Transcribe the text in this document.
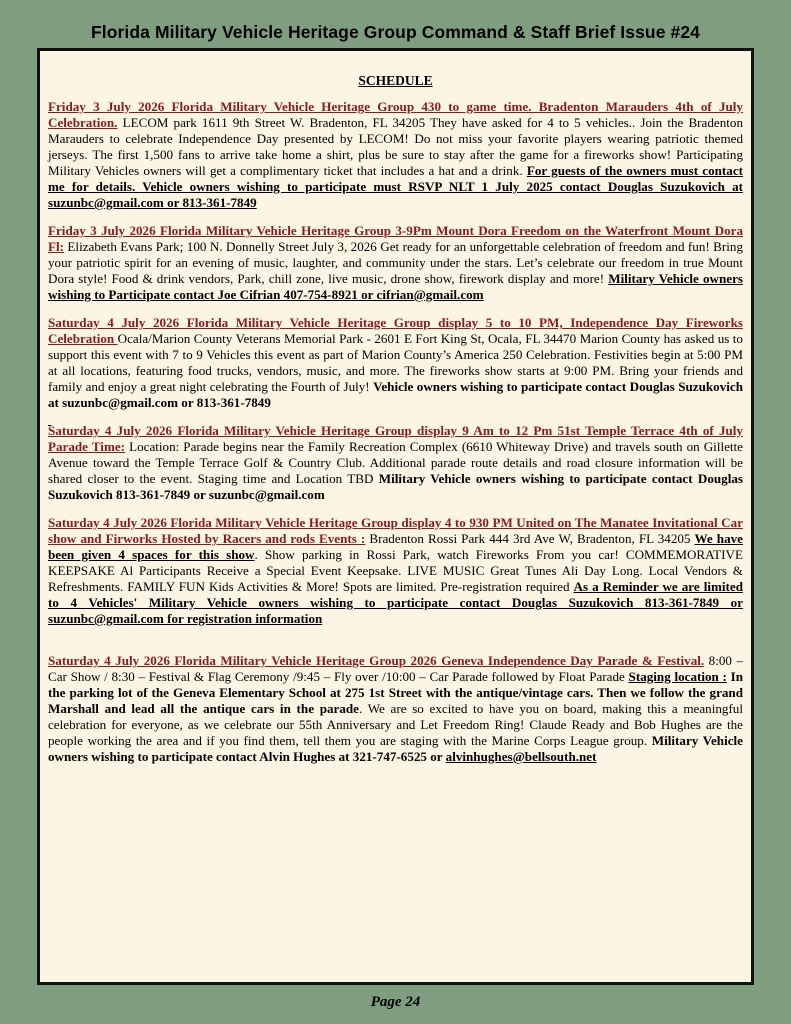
Florida Military Vehicle Heritage Group Command & Staff Brief Issue #24
SCHEDULE
Friday 3 July 2026 Florida Military Vehicle Heritage Group 430 to game time. Bradenton Marauders 4th of July Celebration. LECOM park 1611 9th Street W. Bradenton, FL 34205 They have asked for 4 to 5 vehicles.. Join the Bradenton Marauders to celebrate Independence Day presented by LECOM! Do not miss your favorite players wearing patriotic themed jerseys. The first 1,500 fans to arrive take home a shirt, plus be sure to stay after the game for a fireworks show! Participating Military Vehicles owners will get a complimentary ticket that includes a hat and a drink. For guests of the owners must contact me for details. Vehicle owners wishing to participate must RSVP NLT 1 July 2025 contact Douglas Suzukovich at suzunbc@gmail.com or 813-361-7849
Friday 3 July 2026 Florida Military Vehicle Heritage Group 3-9Pm Mount Dora Freedom on the Waterfront Mount Dora Fl: Elizabeth Evans Park; 100 N. Donnelly Street July 3, 2026 Get ready for an unforgettable celebration of freedom and fun! Bring your patriotic spirit for an evening of music, laughter, and community under the stars. Let’s celebrate our freedom in true Mount Dora style! Food & drink vendors, Park, chill zone, live music, drone show, firework display and more! Military Vehicle owners wishing to Participate contact Joe Cifrian 407-754-8921 or cifrian@gmail.com
Saturday 4 July 2026 Florida Military Vehicle Heritage Group display 5 to 10 PM, Independence Day Fireworks Celebration Ocala/Marion County Veterans Memorial Park - 2601 E Fort King St, Ocala, FL 34470 Marion County has asked us to support this event with 7 to 9 Vehicles this event as part of Marion County’s America 250 Celebration. Festivities begin at 5:00 PM at all locations, featuring food trucks, vendors, music, and more. The fireworks show starts at 9:00 PM. Bring your friends and family and enjoy a great night celebrating the Fourth of July! Vehicle owners wishing to participate contact Douglas Suzukovich at suzunbc@gmail.com or 813-361-7849

Saturday 4 July 2026 Florida Military Vehicle Heritage Group display 9 Am to 12 Pm 51st Temple Terrace 4th of July Parade Time: Location: Parade begins near the Family Recreation Complex (6610 Whiteway Drive) and travels south on Gillette Avenue toward the Temple Terrace Golf & Country Club. Additional parade route details and road closure information will be shared closer to the event. Staging time and Location TBD Military Vehicle owners wishing to participate contact Douglas Suzukovich 813-361-7849 or suzunbc@gmail.com
Saturday 4 July 2026 Florida Military Vehicle Heritage Group display 4 to 930 PM United on The Manatee Invitational Car show and Firworks Hosted by Racers and rods Events : Bradenton Rossi Park 444 3rd Ave W, Bradenton, FL 34205 We have been given 4 spaces for this show. Show parking in Rossi Park, watch Fireworks From you car! COMMEMORATIVE KEEPSAKE Al Participants Receive a Special Event Keepsake. LIVE MUSIC Great Tunes Ali Day Long. Local Vendors & Refreshments. FAMILY FUN Kids Activities & More! Spots are limited. Pre-registration required As a Reminder we are limited to 4 Vehicles' Military Vehicle owners wishing to participate contact Douglas Suzukovich 813-361-7849 or suzunbc@gmail.com for registration information
Saturday 4 July 2026 Florida Military Vehicle Heritage Group 2026 Geneva Independence Day Parade & Festival. 8:00 – Car Show / 8:30 – Festival & Flag Ceremony /9:45 – Fly over /10:00 – Car Parade followed by Float Parade Staging location : In the parking lot of the Geneva Elementary School at 275 1st Street with the antique/vintage cars. Then we follow the grand Marshall and lead all the antique cars in the parade. We are so excited to have you on board, making this a meaningful celebration for everyone, as we celebrate our 55th Anniversary and Let Freedom Ring! Claude Ready and Bob Hughes are the people working the area and if you find them, tell them you are staging with the Marine Corps League group. Military Vehicle owners wishing to participate contact Alvin Hughes at 321-747-6525 or alvinhughes@bellsouth.net
Page 24
